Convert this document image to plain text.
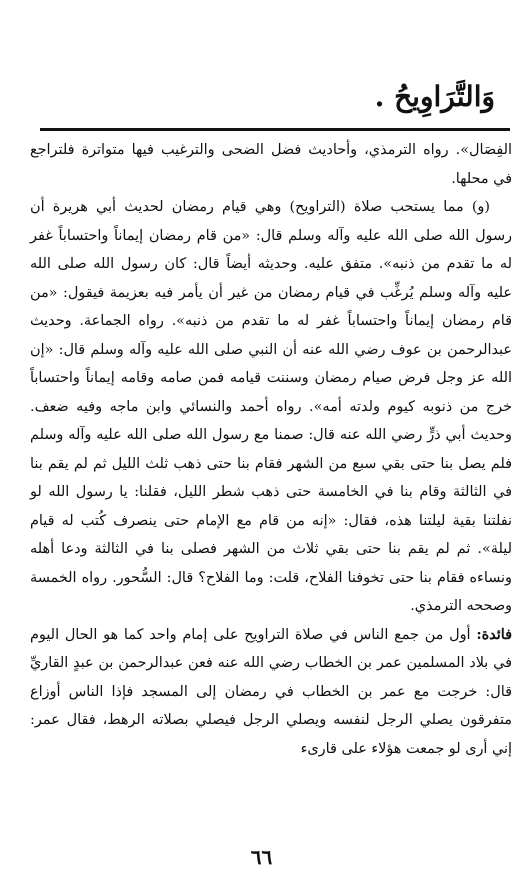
وَالتَّرَاوِيحُ .

الفِصَال». رواه الترمذي، وأحاديث فضل الضحى والترغيب فيها متواترة فلتراجع في محلها.

(و) مما يستحب صلاة (التراويح) وهي قيام رمضان لحديث أبي هريرة أن رسول الله صلى الله عليه وآله وسلم قال: «من قام رمضان إيماناً واحتساباً غفر له ما تقدم من ذنبه». متفق عليه. وحديثه أيضاً قال: كان رسول الله صلى الله عليه وآله وسلم يُرغِّب في قيام رمضان من غير أن يأمر فيه بعزيمة فيقول: «من قام رمضان إيماناً واحتساباً غفر له ما تقدم من ذنبه». رواه الجماعة. وحديث عبدالرحمن بن عوف رضي الله عنه أن النبي صلى الله عليه وآله وسلم قال: «إن الله عز وجل فرض صيام رمضان وسننت قيامه فمن صامه وقامه إيماناً واحتساباً خرج من ذنوبه كيوم ولدته أمه». رواه أحمد والنسائي وابن ماجه وفيه ضعف. وحديث أبي ذرٍّ رضي الله عنه قال: صمنا مع رسول الله صلى الله عليه وآله وسلم فلم يصل بنا حتى بقي سبع من الشهر فقام بنا حتى ذهب ثلث الليل ثم لم يقم بنا في الثالثة وقام بنا في الخامسة حتى ذهب شطر الليل، فقلنا: يا رسول الله لو نفلتنا بقية ليلتنا هذه، فقال: «إنه من قام مع الإمام حتى ينصرف كُتب له قيام ليلة». ثم لم يقم بنا حتى بقي ثلاث من الشهر فصلى بنا في الثالثة ودعا أهله ونساءه فقام بنا حتى تخوفنا الفلاح، قلت: وما الفلاح؟ قال: السُّحور. رواه الخمسة وصححه الترمذي.

فائدة: أول من جمع الناس في صلاة التراويح على إمام واحد كما هو الحال اليوم في بلاد المسلمين عمر بن الخطاب رضي الله عنه فعن عبدالرحمن بن عبدٍ القاريِّ قال: خرجت مع عمر بن الخطاب في رمضان إلى المسجد فإذا الناس أوزاع متفرقون يصلي الرجل لنفسه ويصلي الرجل فيصلي بصلاته الرهط، فقال عمر: إني أرى لو جمعت هؤلاء على قارىء

٦٦
